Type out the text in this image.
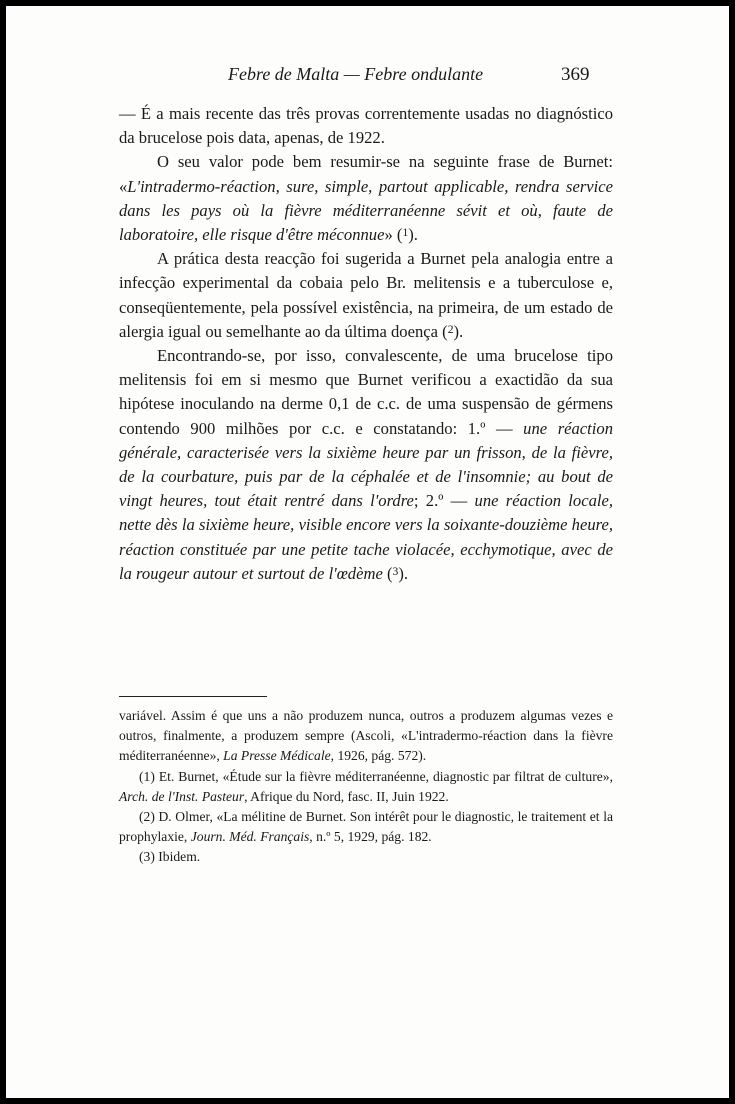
Febre de Malta — Febre ondulante	369

— É a mais recente das três provas correntemente usadas no diagnóstico da brucelose pois data, apenas, de 1922.

O seu valor pode bem resumir-se na seguinte frase de Burnet: «L'intradermo-réaction, sure, simple, partout applicable, rendra service dans les pays où la fièvre méditerranéenne sévit et où, faute de laboratoire, elle risque d'être méconnue» ($^1$).

A prática desta reacção foi sugerida a Burnet pela analogia entre a infecção experimental da cobaia pelo Br. melitensis e a tuberculose e, conseqüentemente, pela possível existência, na primeira, de um estado de alergia igual ou semelhante ao da última doença ($^2$).

Encontrando-se, por isso, convalescente, de uma brucelose tipo melitensis foi em si mesmo que Burnet verificou a exactidão da sua hipótese inoculando na derme 0,1 de c.c. de uma suspensão de gérmens contendo 900 milhões por c.c. e constatando: 1.º — une réaction générale, caracterisée vers la sixième heure par un frisson, de la fièvre, de la courbature, puis par de la céphalée et de l'insomnie; au bout de vingt heures, tout était rentré dans l'ordre; 2.º — une réaction locale, nette dès la sixième heure, visible encore vers la soixante-douzième heure, réaction constituée par une petite tache violacée, ecchymotique, avec de la rougeur autour et surtout de l'œdème ($^3$).

variável. Assim é que uns a não produzem nunca, outros a produzem algumas vezes e outros, finalmente, a produzem sempre (Ascoli, «L'intradermo-réaction dans la fièvre méditerranéenne», La Presse Médicale, 1926, pág. 572).

(1) Et. Burnet, «Étude sur la fièvre méditerranéenne, diagnostic par filtrat de culture», Arch. de l'Inst. Pasteur, Afrique du Nord, fasc. II, Juin 1922.

(2) D. Olmer, «La mélitine de Burnet. Son intérêt pour le diagnostic, le traitement et la prophylaxie, Journ. Méd. Français, n.º 5, 1929, pág. 182.

(3) Ibidem.
